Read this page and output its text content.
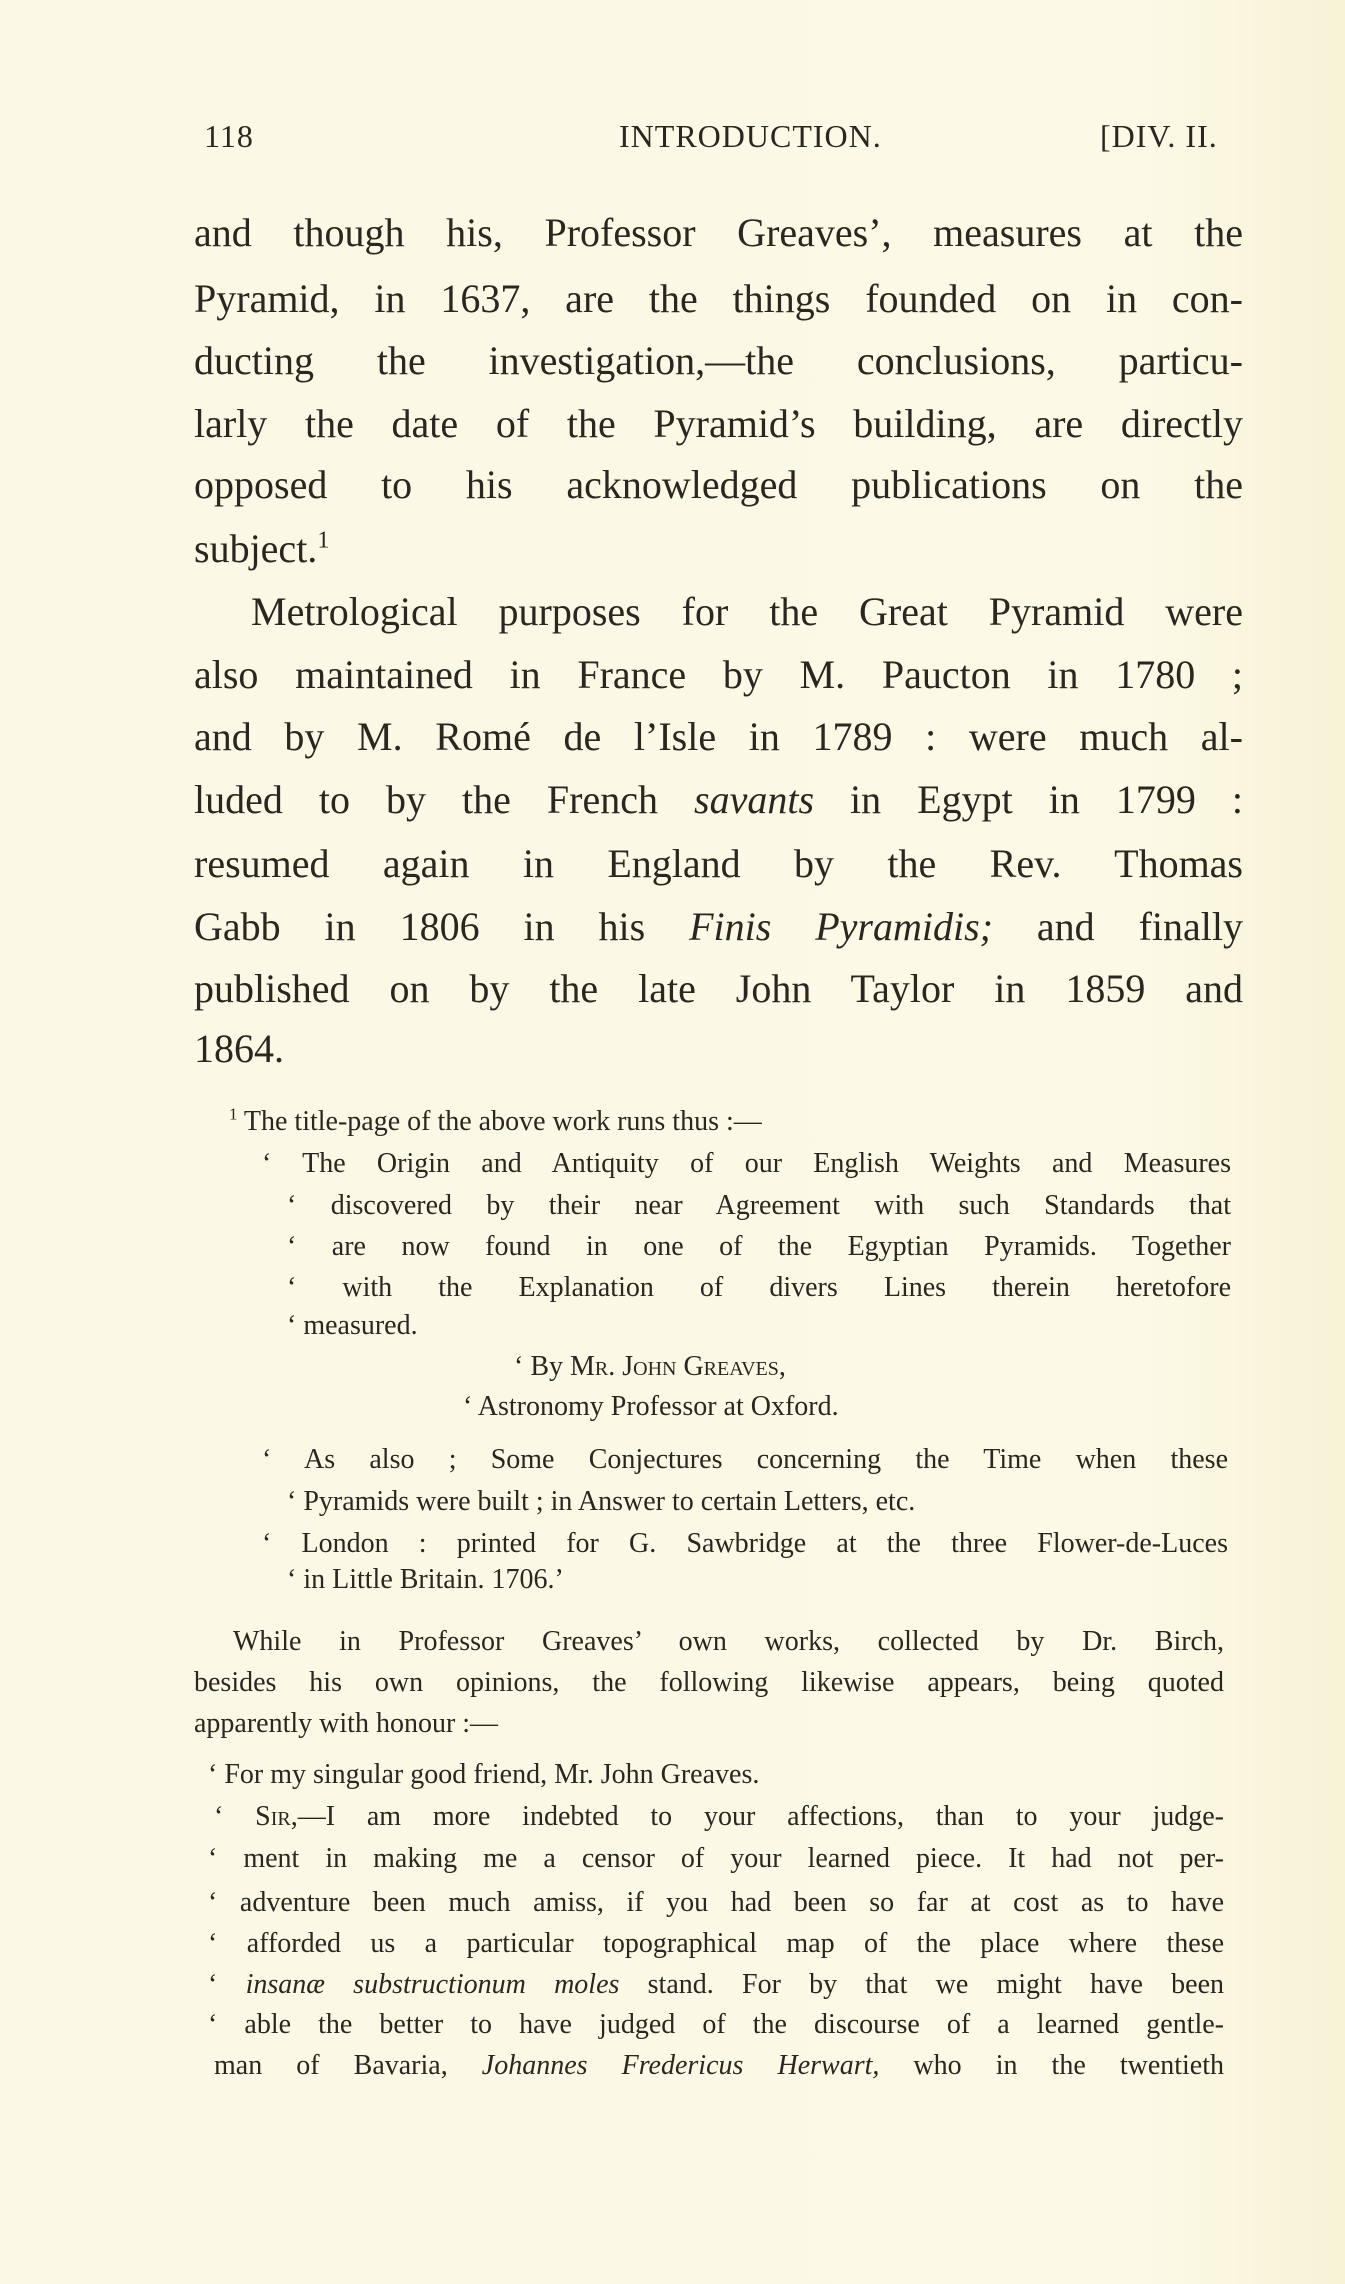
118	INTRODUCTION.	[DIV. II.
and though his, Professor Greaves’, measures at the
Pyramid, in 1637, are the things founded on in con-
ducting the investigation,—the conclusions, particu-
larly the date of the Pyramid’s building, are directly
opposed to his acknowledged publications on the
subject.$^1$
Metrological purposes for the Great Pyramid were
also maintained in France by M. Paucton in 1780 ;
and by M. Romé de l’Isle in 1789 : were much al-
luded to by the French savants in Egypt in 1799 :
resumed again in England by the Rev. Thomas
Gabb in 1806 in his Finis Pyramidis; and finally
published on by the late John Taylor in 1859 and
1864.
$^1$ The title-page of the above work runs thus :—
‘ The Origin and Antiquity of our English Weights and Measures
‘ discovered by their near Agreement with such Standards that
‘ are now found in one of the Egyptian Pyramids. Together
‘ with the Explanation of divers Lines therein heretofore
‘ measured.
‘ By Mr. John Greaves,
‘ Astronomy Professor at Oxford.
‘ As also ; Some Conjectures concerning the Time when these
‘ Pyramids were built ; in Answer to certain Letters, etc.
‘ London : printed for G. Sawbridge at the three Flower-de-Luces
‘ in Little Britain. 1706.’
While in Professor Greaves’ own works, collected by Dr. Birch,
besides his own opinions, the following likewise appears, being quoted
apparently with honour :—
‘ For my singular good friend, Mr. John Greaves.
‘ Sir,—I am more indebted to your affections, than to your judge-
‘ ment in making me a censor of your learned piece. It had not per-
‘ adventure been much amiss, if you had been so far at cost as to have
‘ afforded us a particular topographical map of the place where these
‘ insanæ substructionum moles stand. For by that we might have been
‘ able the better to have judged of the discourse of a learned gentle-
man of Bavaria, Johannes Fredericus Herwart, who in the twentieth
